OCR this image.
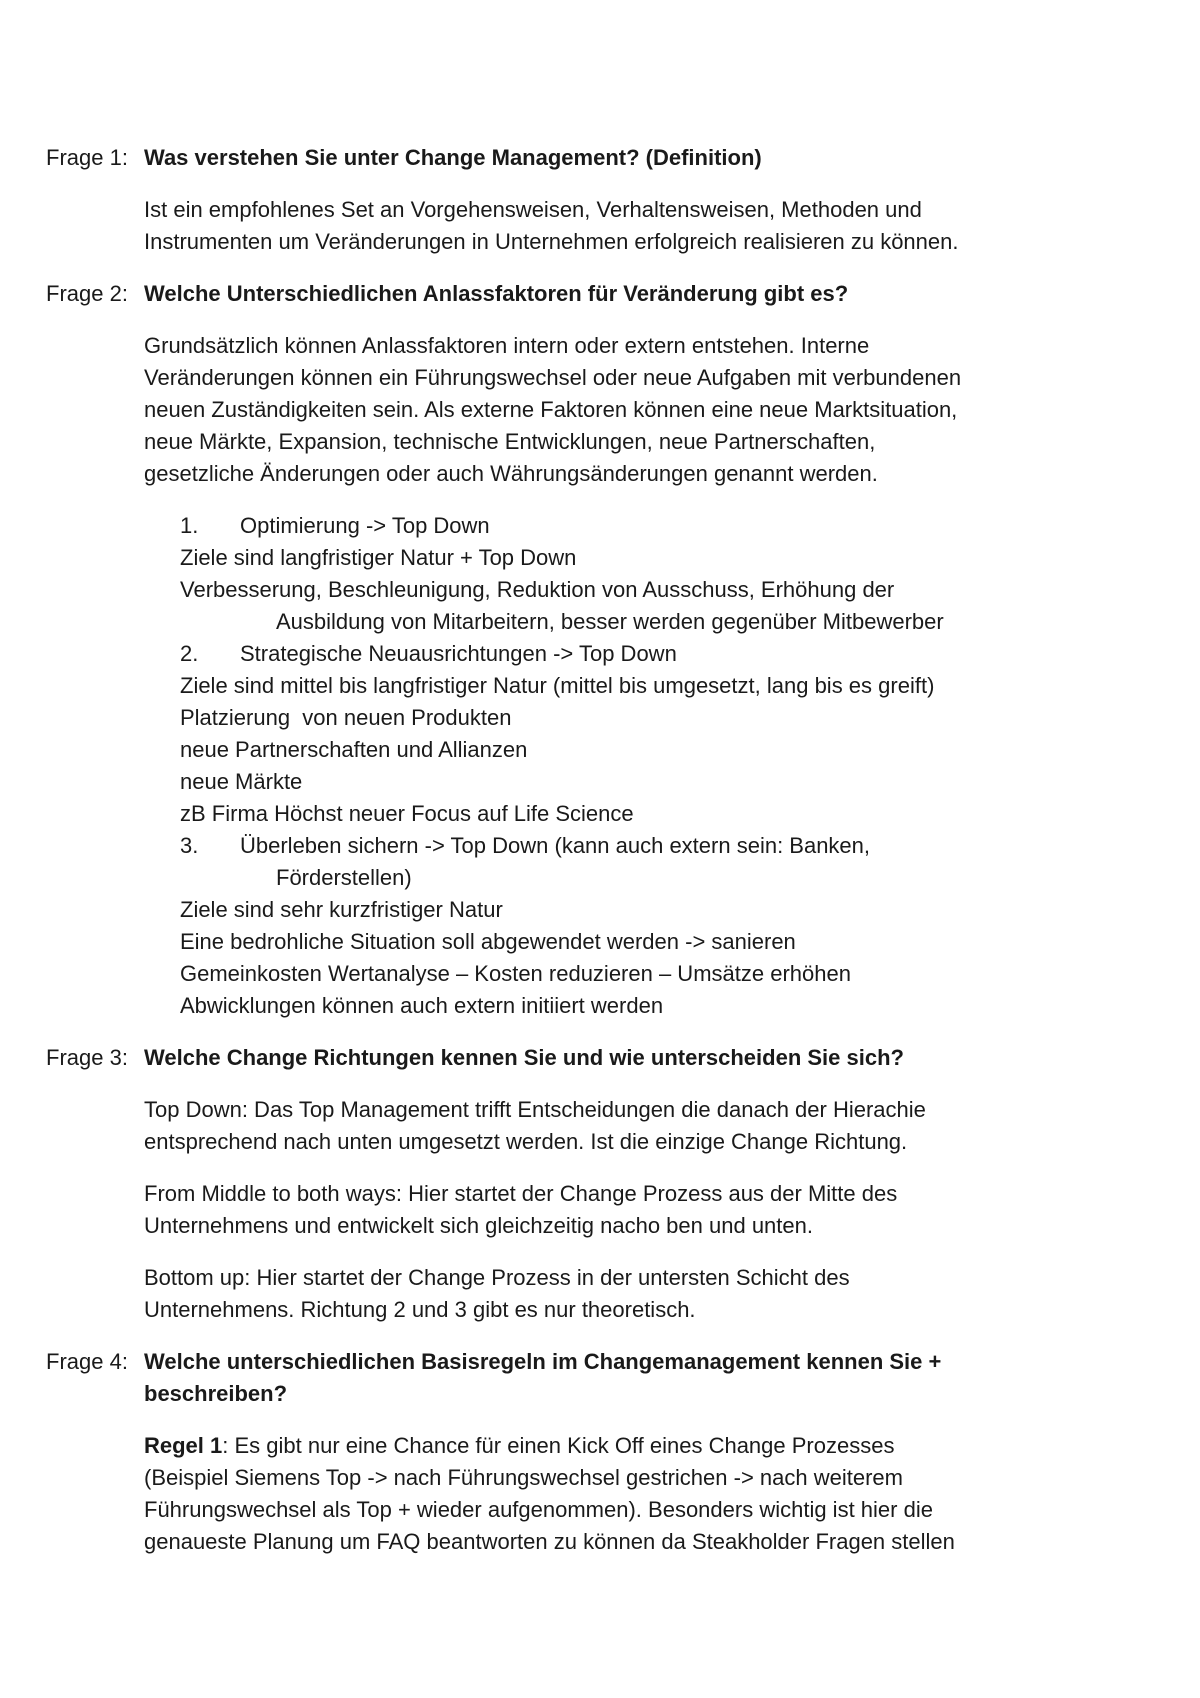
Frage 1: Was verstehen Sie unter Change Management? (Definition)
Ist ein empfohlenes Set an Vorgehensweisen, Verhaltensweisen, Methoden und
Instrumenten um Veränderungen in Unternehmen erfolgreich realisieren zu können.
Frage 2: Welche Unterschiedlichen Anlassfaktoren für Veränderung gibt es?
Grundsätzlich können Anlassfaktoren intern oder extern entstehen. Interne
Veränderungen können ein Führungswechsel oder neue Aufgaben mit verbundenen
neuen Zuständigkeiten sein. Als externe Faktoren können eine neue Marktsituation,
neue Märkte, Expansion, technische Entwicklungen, neue Partnerschaften,
gesetzliche Änderungen oder auch Währungsänderungen genannt werden.
1. Optimierung -> Top Down
Ziele sind langfristiger Natur + Top Down
Verbesserung, Beschleunigung, Reduktion von Ausschuss, Erhöhung der
Ausbildung von Mitarbeitern, besser werden gegenüber Mitbewerber
2. Strategische Neuausrichtungen -> Top Down
Ziele sind mittel bis langfristiger Natur (mittel bis umgesetzt, lang bis es greift)
Platzierung  von neuen Produkten
neue Partnerschaften und Allianzen
neue Märkte
zB Firma Höchst neuer Focus auf Life Science
3. Überleben sichern -> Top Down (kann auch extern sein: Banken,
Förderstellen)
Ziele sind sehr kurzfristiger Natur
Eine bedrohliche Situation soll abgewendet werden -> sanieren
Gemeinkosten Wertanalyse – Kosten reduzieren – Umsätze erhöhen
Abwicklungen können auch extern initiiert werden
Frage 3: Welche Change Richtungen kennen Sie und wie unterscheiden Sie sich?
Top Down: Das Top Management trifft Entscheidungen die danach der Hierachie
entsprechend nach unten umgesetzt werden. Ist die einzige Change Richtung.
From Middle to both ways: Hier startet der Change Prozess aus der Mitte des
Unternehmens und entwickelt sich gleichzeitig nacho ben und unten.
Bottom up: Hier startet der Change Prozess in der untersten Schicht des
Unternehmens. Richtung 2 und 3 gibt es nur theoretisch.
Frage 4: Welche unterschiedlichen Basisregeln im Changemanagement kennen Sie +
beschreiben?
Regel 1: Es gibt nur eine Chance für einen Kick Off eines Change Prozesses
(Beispiel Siemens Top -> nach Führungswechsel gestrichen -> nach weiterem
Führungswechsel als Top + wieder aufgenommen). Besonders wichtig ist hier die
genaueste Planung um FAQ beantworten zu können da Steakholder Fragen stellen
